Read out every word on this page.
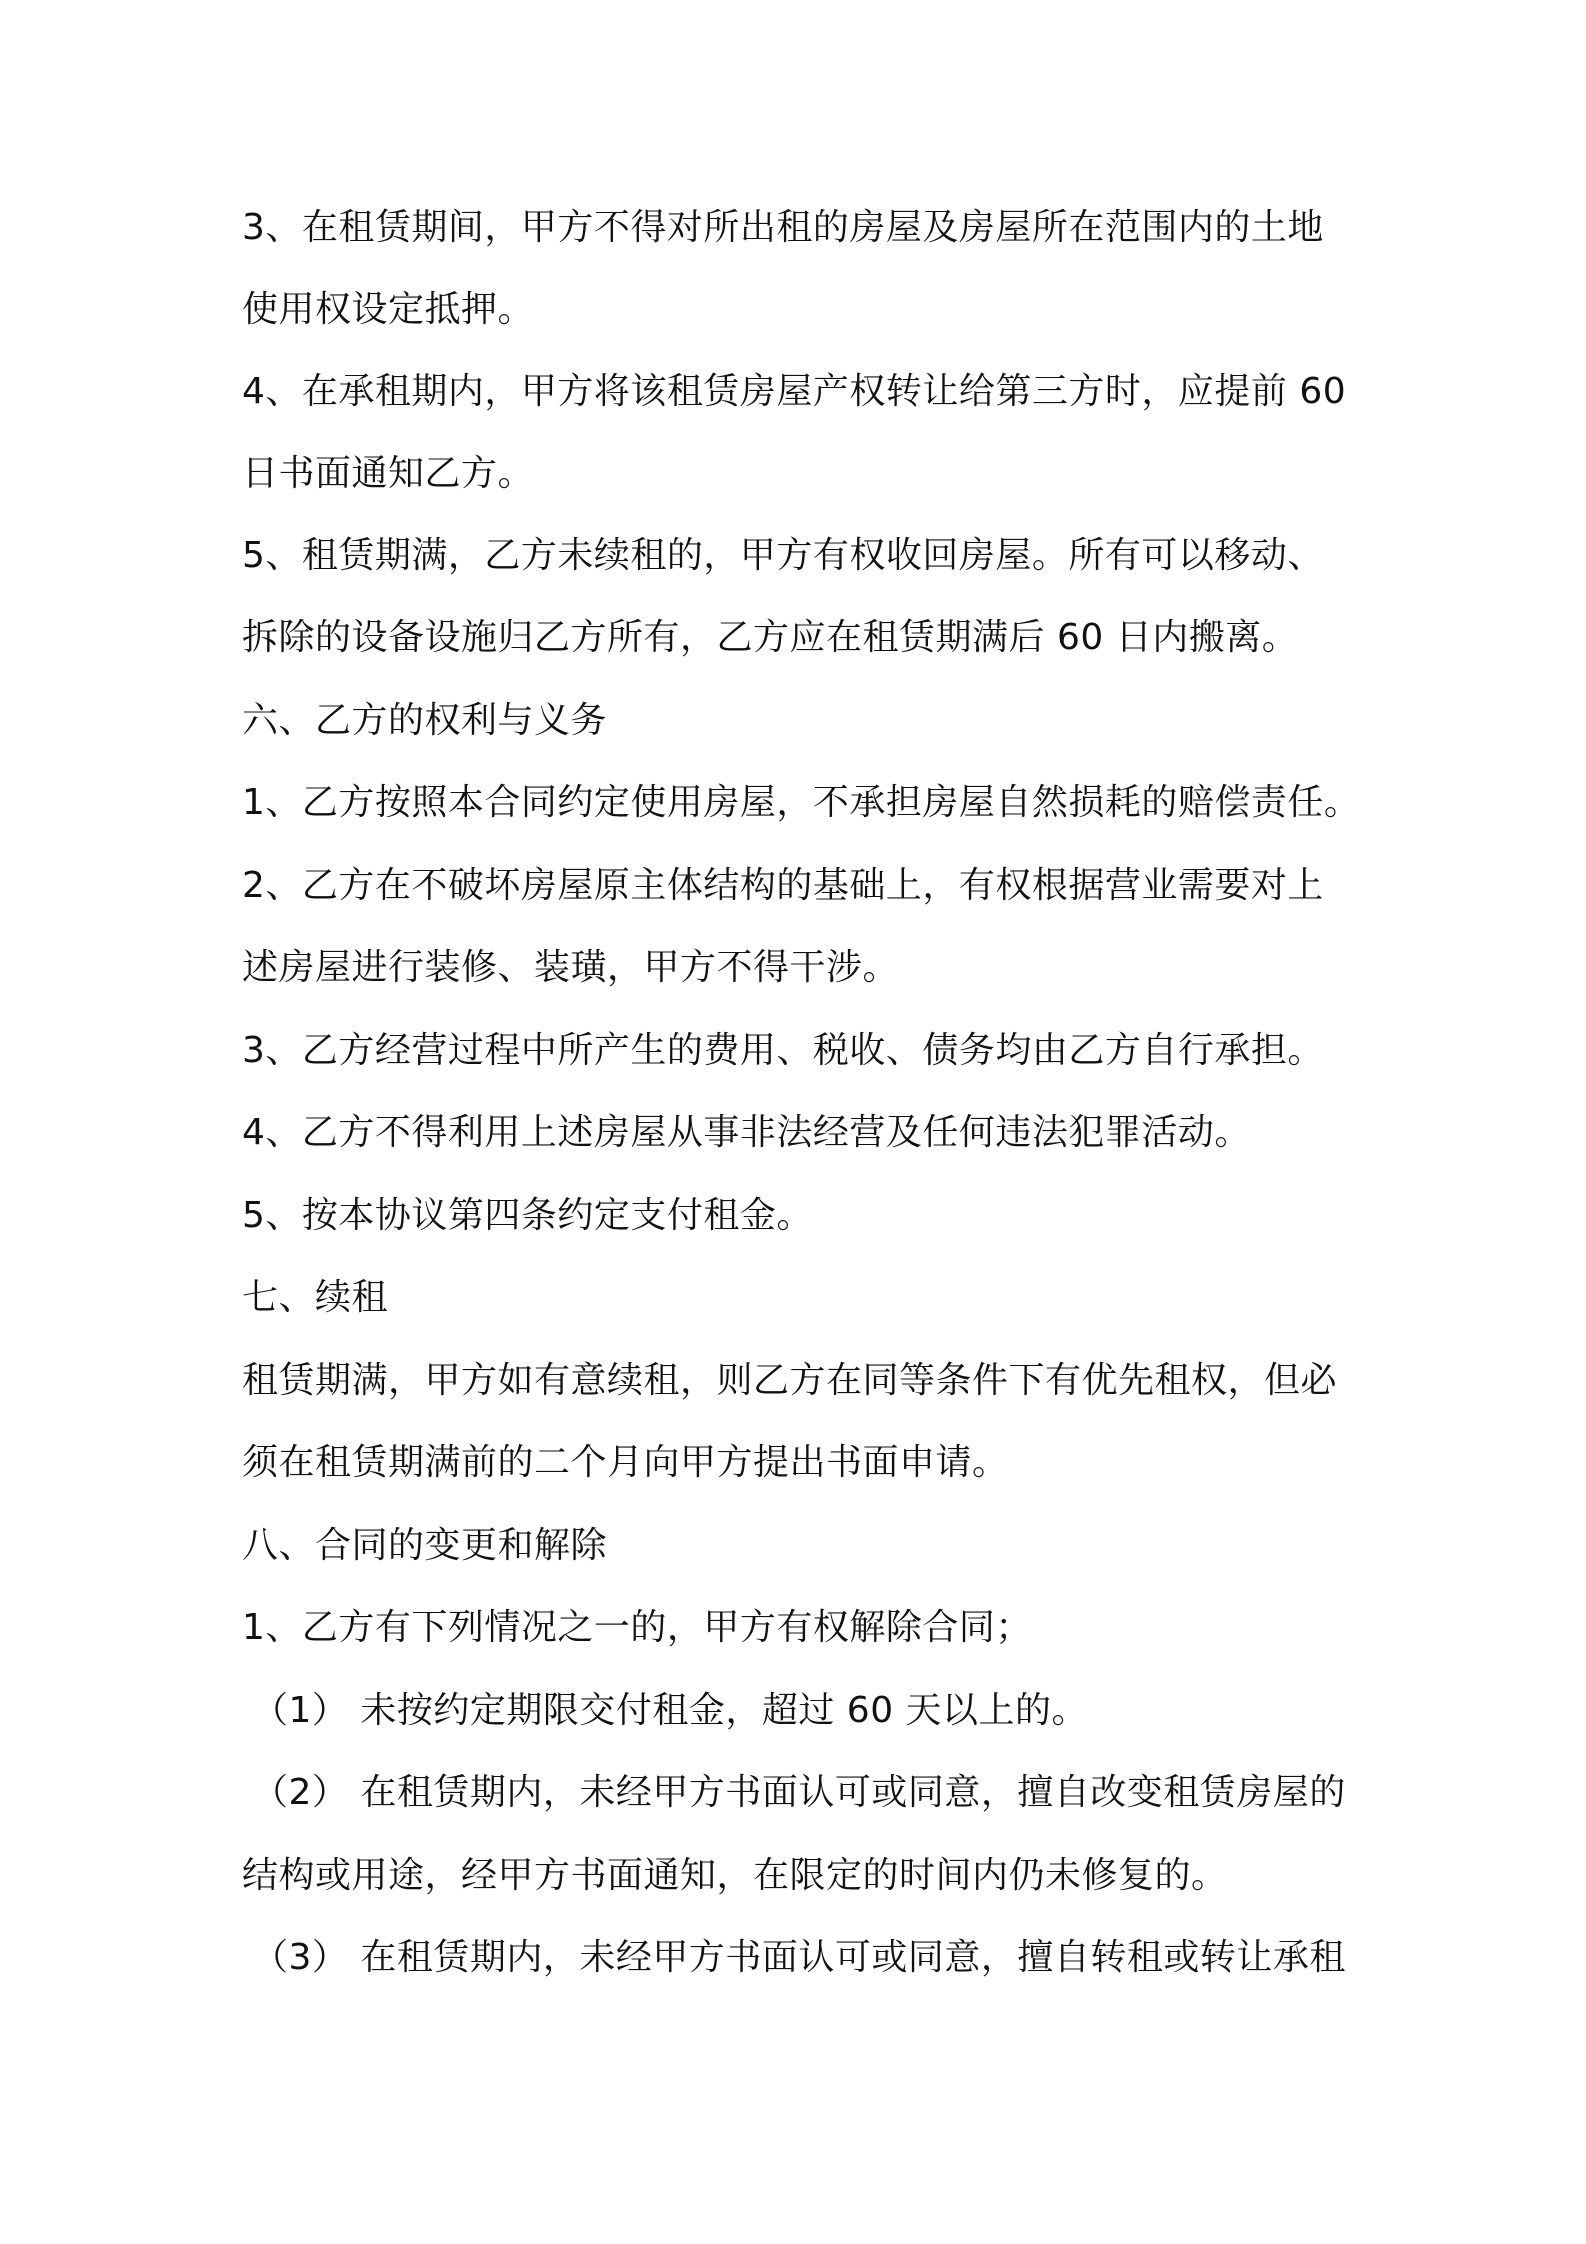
3、在租赁期间，甲方不得对所出租的房屋及房屋所在范围内的土地
使用权设定抵押。
4、在承租期内，甲方将该租赁房屋产权转让给第三方时，应提前 60
日书面通知乙方。
5、租赁期满，乙方未续租的，甲方有权收回房屋。所有可以移动、
拆除的设备设施归乙方所有，乙方应在租赁期满后 60 日内搬离。
六、乙方的权利与义务
1、乙方按照本合同约定使用房屋，不承担房屋自然损耗的赔偿责任。
2、乙方在不破坏房屋原主体结构的基础上，有权根据营业需要对上
述房屋进行装修、装璜，甲方不得干涉。
3、乙方经营过程中所产生的费用、税收、债务均由乙方自行承担。
4、乙方不得利用上述房屋从事非法经营及任何违法犯罪活动。
5、按本协议第四条约定支付租金。
七、续租
租赁期满，甲方如有意续租，则乙方在同等条件下有优先租权，但必
须在租赁期满前的二个月向甲方提出书面申请。
八、合同的变更和解除
1、乙方有下列情况之一的，甲方有权解除合同；
（1） 未按约定期限交付租金，超过 60 天以上的。
（2） 在租赁期内，未经甲方书面认可或同意，擅自改变租赁房屋的
结构或用途，经甲方书面通知，在限定的时间内仍未修复的。
（3） 在租赁期内，未经甲方书面认可或同意，擅自转租或转让承租
